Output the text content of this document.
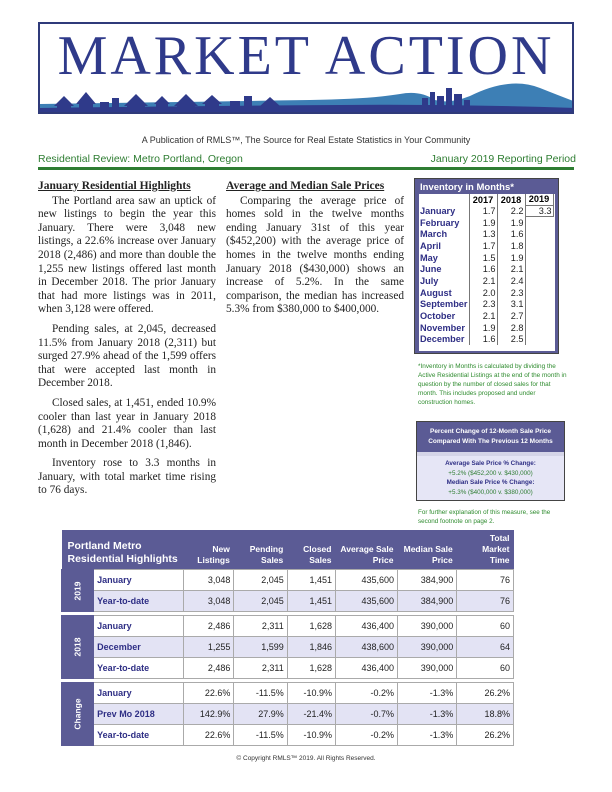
MARKET ACTION
A Publication of RMLS™, The Source for Real Estate Statistics in Your Community
Residential Review: Metro Portland, Oregon	January 2019 Reporting Period
January Residential Highlights

The Portland area saw an uptick of new listings to begin the year this January. There were 3,048 new listings, a 22.6% increase over January 2018 (2,486) and more than double the 1,255 new listings offered last month in December 2018. The prior January that had more listings was in 2011, when 3,128 were offered.

Pending sales, at 2,045, decreased 11.5% from January 2018 (2,311) but surged 27.9% ahead of the 1,599 offers that were accepted last month in December 2018.

Closed sales, at 1,451, ended 10.9% cooler than last year in January 2018 (1,628) and 21.4% cooler than last month in December 2018 (1,846).

Inventory rose to 3.3 months in January, with total market time rising to 76 days.

Average and Median Sale Prices

Comparing the average price of homes sold in the twelve months ending January 31st of this year ($452,200) with the average price of homes in the twelve months ending January 2018 ($430,000) shows an increase of 5.2%. In the same comparison, the median has increased 5.3% from $380,000 to $400,000.

Inventory in Months*
	2017	2018	2019
January	1.7	2.2	3.3
February	1.9	1.9	
March	1.3	1.6	
April	1.7	1.8	
May	1.5	1.9	
June	1.6	2.1	
July	2.1	2.4	
August	2.0	2.3	
September	2.3	3.1	
October	2.1	2.7	
November	1.9	2.8	
December	1.6	2.5	
*Inventory in Months is calculated by dividing the Active Residential Listings at the end of the month in question by the number of closed sales for that month. This includes proposed and under construction homes.
Percent Change of 12-Month Sale Price Compared With The Previous 12 Months
Average Sale Price % Change:
+5.2% ($452,200 v. $430,000)
Median Sale Price % Change:
+5.3% ($400,000 v. $380,000)
For further explanation of this measure, see the second footnote on page 2.
Portland Metro Residential Highlights		New Listings	Pending Sales	Closed Sales	Average Sale Price	Median Sale Price	Total Market Time
2019	January	3,048	2,045	1,451	435,600	384,900	76
	Year-to-date	3,048	2,045	1,451	435,600	384,900	76

2018	January	2,486	2,311	1,628	436,400	390,000	60
	December	1,255	1,599	1,846	438,600	390,000	64
	Year-to-date	2,486	2,311	1,628	436,400	390,000	60

Change	January	22.6%	-11.5%	-10.9%	-0.2%	-1.3%	26.2%
	Prev Mo 2018	142.9%	27.9%	-21.4%	-0.7%	-1.3%	18.8%
	Year-to-date	22.6%	-11.5%	-10.9%	-0.2%	-1.3%	26.2%
© Copyright RMLS™ 2019. All Rights Reserved.
